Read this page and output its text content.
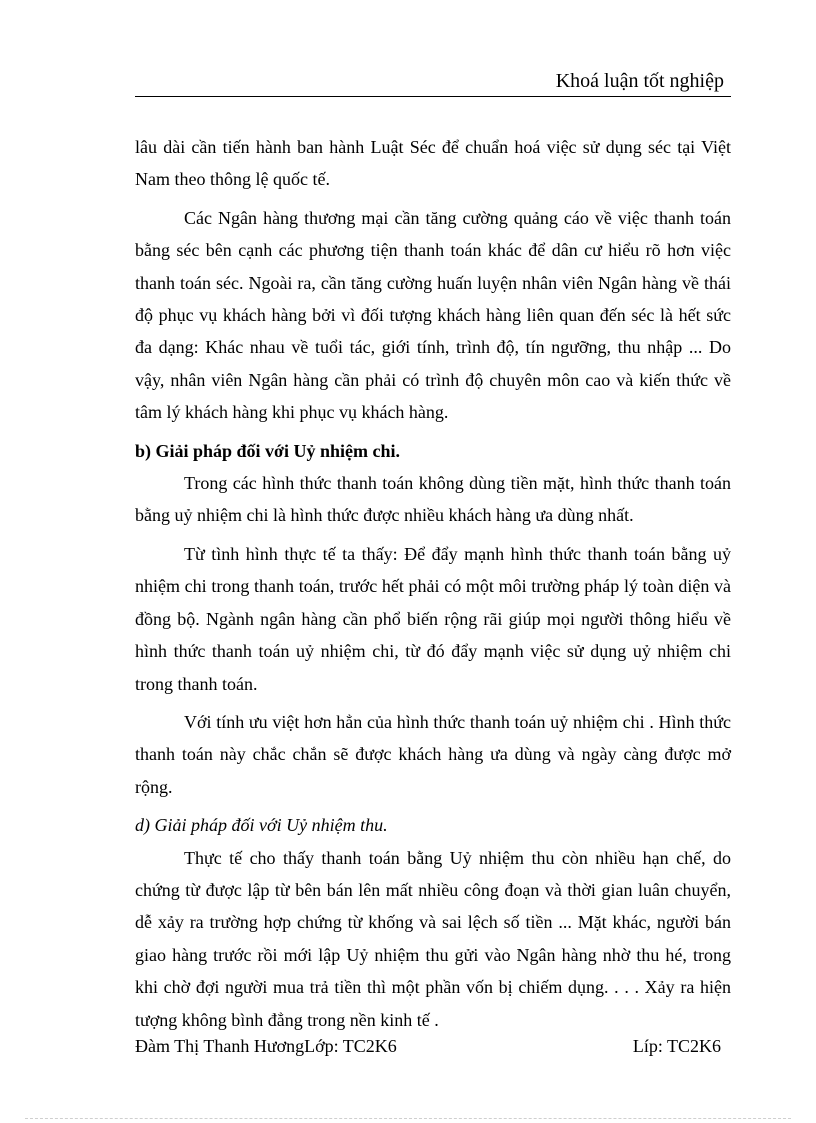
Khoá luận tốt nghiệp

lâu dài cần tiến hành ban hành Luật Séc để chuẩn hoá việc sử dụng séc tại Việt Nam theo thông lệ quốc tế.

Các Ngân hàng thương mại cần tăng cường quảng cáo về việc thanh toán bằng séc bên cạnh các phương tiện thanh toán khác để dân cư hiểu rõ hơn việc thanh toán séc. Ngoài ra, cần tăng cường huấn luyện nhân viên Ngân hàng về thái độ phục vụ khách hàng bởi vì đối tượng khách hàng liên quan đến séc là hết sức đa dạng: Khác nhau về tuổi tác, giới tính, trình độ, tín ngưỡng, thu nhập ... Do vậy, nhân viên Ngân hàng cần phải có trình độ chuyên môn cao và kiến thức về tâm lý khách hàng khi phục vụ khách hàng.

b) Giải pháp đối với Uỷ nhiệm chi.

Trong các hình thức thanh toán không dùng tiền mặt, hình thức thanh toán bằng uỷ nhiệm chi là hình thức được nhiều khách hàng ưa dùng nhất.

Từ tình hình thực tế ta thấy: Để đẩy mạnh hình thức thanh toán bằng uỷ nhiệm chi trong thanh toán, trước hết phải có một môi trường pháp lý toàn diện và đồng bộ. Ngành ngân hàng cần phổ biến rộng rãi giúp mọi người thông hiểu về hình thức thanh toán uỷ nhiệm chi, từ đó đẩy mạnh việc sử dụng uỷ nhiệm chi trong thanh toán.

Với tính ưu việt hơn hẳn của hình thức thanh toán uỷ nhiệm chi . Hình thức thanh toán này chắc chắn sẽ được khách hàng ưa dùng và ngày càng được mở rộng.

d) Giải pháp đối với Uỷ nhiệm thu.

Thực tế cho thấy thanh toán bằng Uỷ nhiệm thu còn nhiều hạn chế, do chứng từ được lập từ bên bán lên mất nhiều công đoạn và thời gian luân chuyển, dễ xảy ra trường hợp chứng từ khống và sai lệch số tiền ... Mặt khác, người bán giao hàng trước rồi mới lập Uỷ nhiệm thu gửi vào Ngân hàng nhờ thu hé, trong khi chờ đợi người mua trả tiền thì một phần vốn bị chiếm dụng. . . . Xảy ra hiện tượng không bình đẳng trong nền kinh tế .

Đàm Thị Thanh HươngLớp: TC2K6	Líp: TC2K6
